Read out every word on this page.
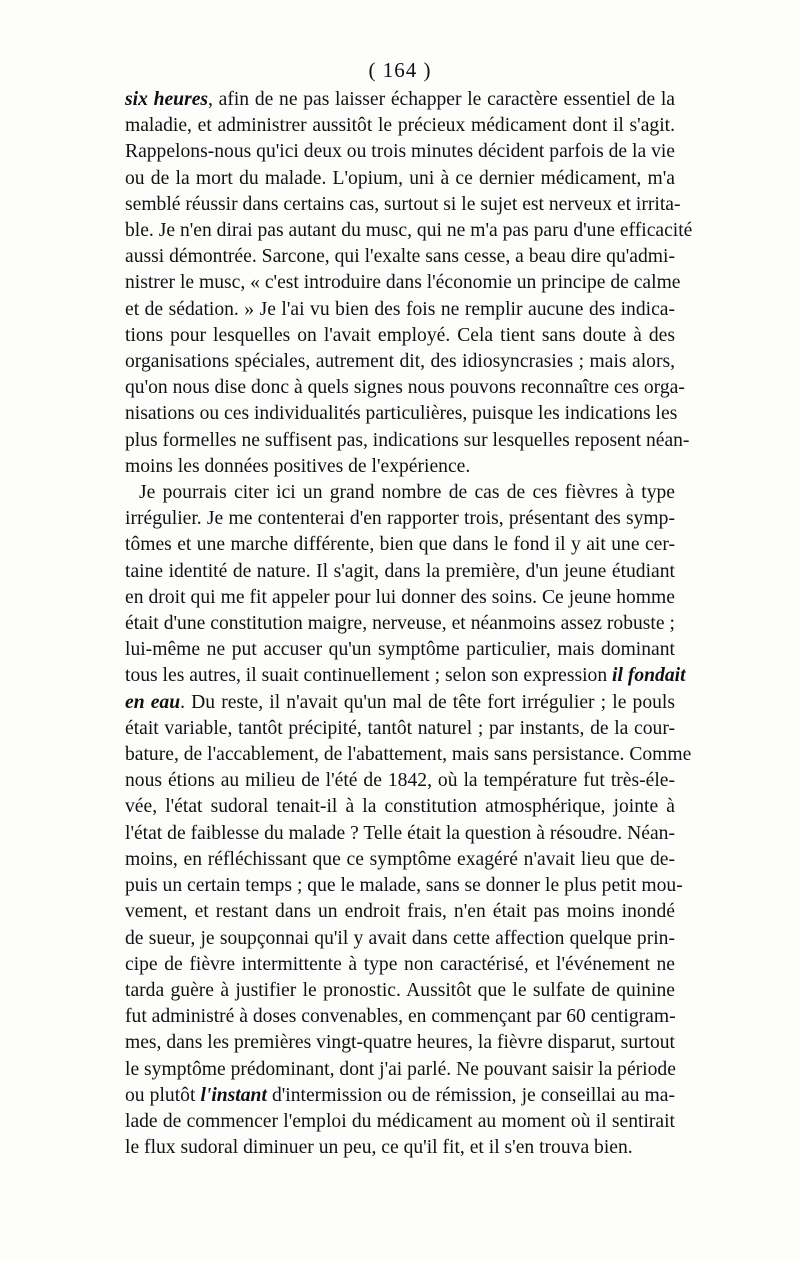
( 164 )
six heures, afin de ne pas laisser échapper le caractère essentiel de la
maladie, et administrer aussitôt le précieux médicament dont il s'agit.
Rappelons-nous qu'ici deux ou trois minutes décident parfois de la vie
ou de la mort du malade. L'opium, uni à ce dernier médicament, m'a
semblé réussir dans certains cas, surtout si le sujet est nerveux et irrita-
ble. Je n'en dirai pas autant du musc, qui ne m'a pas paru d'une efficacité
aussi démontrée. Sarcone, qui l'exalte sans cesse, a beau dire qu'admi-
nistrer le musc, « c'est introduire dans l'économie un principe de calme
et de sédation. » Je l'ai vu bien des fois ne remplir aucune des indica-
tions pour lesquelles on l'avait employé. Cela tient sans doute à des
organisations spéciales, autrement dit, des idiosyncrasies ; mais alors,
qu'on nous dise donc à quels signes nous pouvons reconnaître ces orga-
nisations ou ces individualités particulières, puisque les indications les
plus formelles ne suffisent pas, indications sur lesquelles reposent néan-
moins les données positives de l'expérience.
Je pourrais citer ici un grand nombre de cas de ces fièvres à type
irrégulier. Je me contenterai d'en rapporter trois, présentant des symp-
tômes et une marche différente, bien que dans le fond il y ait une cer-
taine identité de nature. Il s'agit, dans la première, d'un jeune étudiant
en droit qui me fit appeler pour lui donner des soins. Ce jeune homme
était d'une constitution maigre, nerveuse, et néanmoins assez robuste ;
lui-même ne put accuser qu'un symptôme particulier, mais dominant
tous les autres, il suait continuellement ; selon son expression il fondait
en eau. Du reste, il n'avait qu'un mal de tête fort irrégulier ; le pouls
était variable, tantôt précipité, tantôt naturel ; par instants, de la cour-
bature, de l'accablement, de l'abattement, mais sans persistance. Comme
nous étions au milieu de l'été de 1842, où la température fut très-éle-
vée, l'état sudoral tenait-il à la constitution atmosphérique, jointe à
l'état de faiblesse du malade ? Telle était la question à résoudre. Néan-
moins, en réfléchissant que ce symptôme exagéré n'avait lieu que de-
puis un certain temps ; que le malade, sans se donner le plus petit mou-
vement, et restant dans un endroit frais, n'en était pas moins inondé
de sueur, je soupçonnai qu'il y avait dans cette affection quelque prin-
cipe de fièvre intermittente à type non caractérisé, et l'événement ne
tarda guère à justifier le pronostic. Aussitôt que le sulfate de quinine
fut administré à doses convenables, en commençant par 60 centigram-
mes, dans les premières vingt-quatre heures, la fièvre disparut, surtout
le symptôme prédominant, dont j'ai parlé. Ne pouvant saisir la période
ou plutôt l'instant d'intermission ou de rémission, je conseillai au ma-
lade de commencer l'emploi du médicament au moment où il sentirait
le flux sudoral diminuer un peu, ce qu'il fit, et il s'en trouva bien.
